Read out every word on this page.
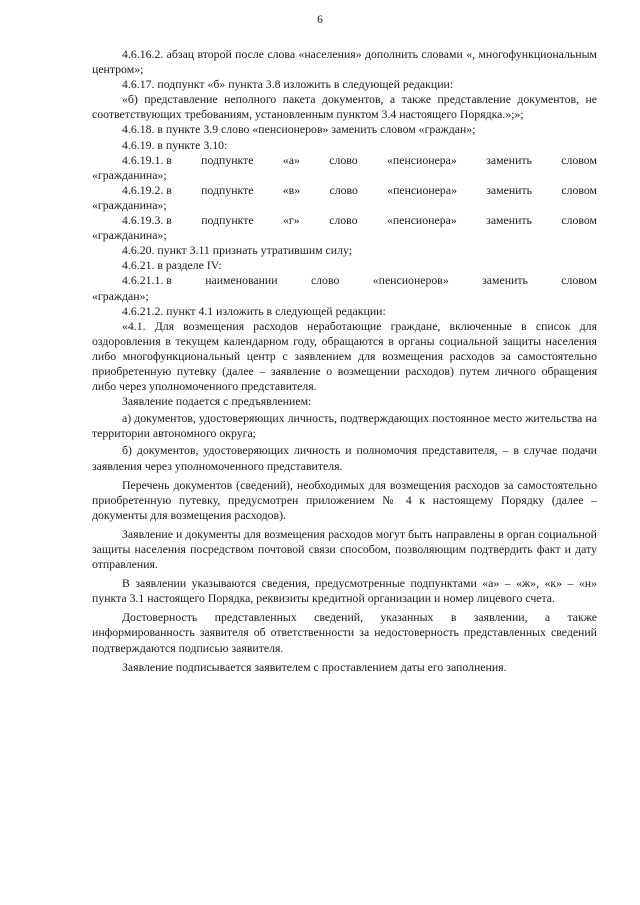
6

4.6.16.2. абзац второй после слова «населения» дополнить словами «, многофункциональным центром»;

4.6.17. подпункт «б» пункта 3.8 изложить в следующей редакции:

«б) представление неполного пакета документов, а также представление документов, не соответствующих требованиям, установленным пунктом 3.4 настоящего Порядка.»;»;

4.6.18. в пункте 3.9 слово «пенсионеров» заменить словом «граждан»;

4.6.19. в пункте 3.10:

4.6.19.1. в подпункте «а» слово «пенсионера» заменить словом

«гражданина»;

4.6.19.2. в подпункте «в» слово «пенсионера» заменить словом

«гражданина»;

4.6.19.3. в подпункте «г» слово «пенсионера» заменить словом

«гражданина»;

4.6.20. пункт 3.11 признать утратившим силу;

4.6.21. в разделе IV:

4.6.21.1. в	наименовании	слово	«пенсионеров»	заменить	словом

«граждан»;

4.6.21.2. пункт 4.1 изложить в следующей редакции:

«4.1. Для возмещения расходов неработающие граждане, включенные в список для оздоровления в текущем календарном году, обращаются в органы социальной защиты населения либо многофункциональный центр с заявлением для возмещения расходов за самостоятельно приобретенную путевку (далее – заявление о возмещении расходов) путем личного обращения либо через уполномоченного представителя.

Заявление подается с предъявлением:

а) документов, удостоверяющих личность, подтверждающих постоянное место жительства на территории автономного округа;

б) документов, удостоверяющих личность и полномочия представителя, – в случае подачи заявления через уполномоченного представителя.

Перечень документов (сведений), необходимых для возмещения расходов за самостоятельно приобретенную путевку, предусмотрен приложением № 4 к настоящему Порядку (далее – документы для возмещения расходов).

Заявление и документы для возмещения расходов могут быть направлены в орган социальной защиты населения посредством почтовой связи способом, позволяющим подтвердить факт и дату отправления.

В заявлении указываются сведения, предусмотренные подпунктами «а» – «ж», «к» – «н» пункта 3.1 настоящего Порядка, реквизиты кредитной организации и номер лицевого счета.

Достоверность представленных сведений, указанных в заявлении, а также информированность заявителя об ответственности за недостоверность представленных сведений подтверждаются подписью заявителя.

Заявление подписывается заявителем с проставлением даты его заполнения.
